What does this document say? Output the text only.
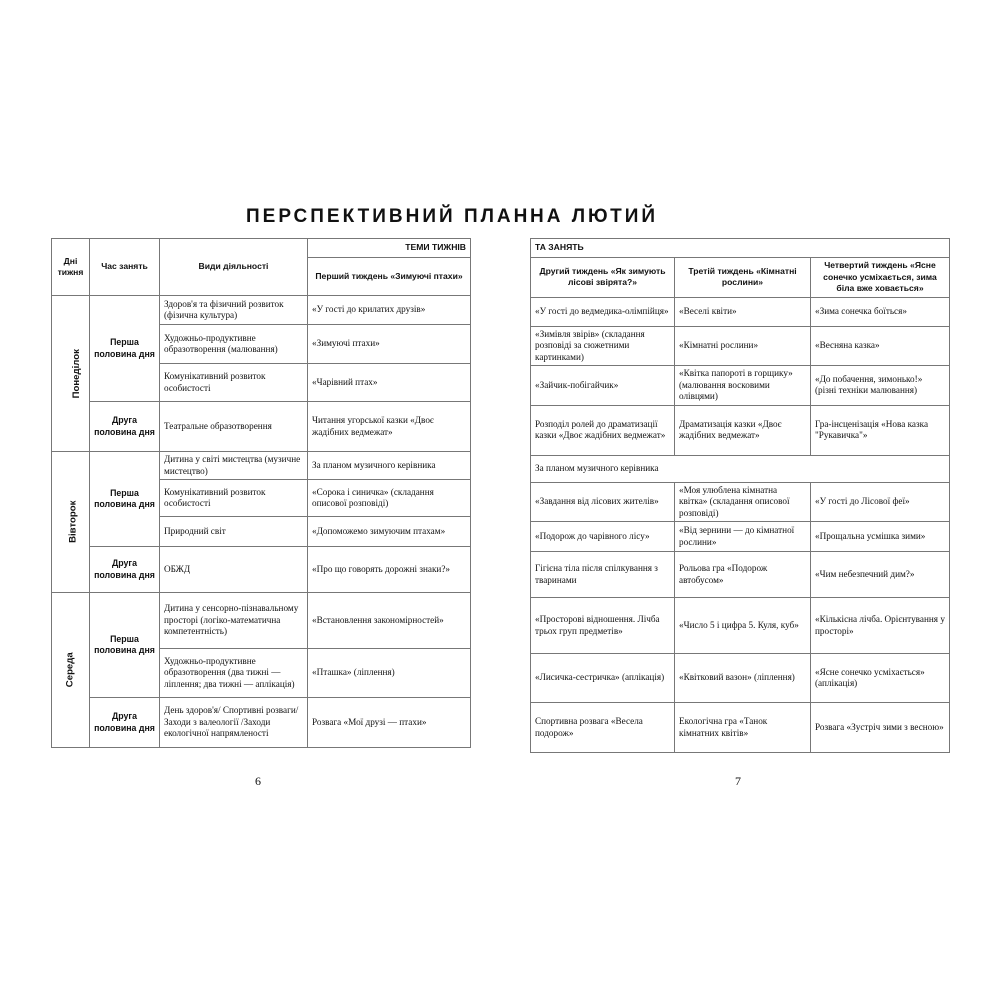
ПЕРСПЕКТИВНИЙ ПЛАН НА ЛЮТИЙ
Дні тижня	Час занять	Види діяльності	ТЕМИ ТИЖНІВ
			Перший тиждень «Зимуючі птахи»
Понеділок	Перша половина дня	Здоров'я та фізичний розвиток (фізична культура)	«У гості до крилатих друзів»
		Художньо-продуктивне образотворення (малювання)	«Зимуючі птахи»
		Комунікативний розвиток особистості	«Чарівний птах»
	Друга половина дня	Театральне образотворення	Читання угорської казки «Двоє жадібних ведмежат»
Вівторок	Перша половина дня	Дитина у світі мистецтва (музичне мистецтво)	За планом музичного керівника
		Комунікативний розвиток особистості	«Сорока і синичка» (складання описової розповіді)
		Природний світ	«Допоможемо зимуючим птахам»
	Друга половина дня	ОБЖД	«Про що говорять дорожні знаки?»
Середа	Перша половина дня	Дитина у сенсорно-пізнавальному просторі (логіко-математична компетентність)	«Встановлення закономірностей»
		Художньо-продуктивне образотворення (два тижні — ліплення; два тижні — аплікація)	«Пташка» (ліплення)
	Друга половина дня	День здоров'я/ Спортивні розваги/ Заходи з валеології /Заходи екологічної напрямленості	Розвага «Мої друзі — птахи»
ТА ЗАНЯТЬ		
Другий тиждень «Як зимують лісові звірята?»	Третій тиждень «Кімнатні рослини»	Четвертий тиждень «Ясне сонечко усміхається, зима біла вже ховається»
«У гості до ведмедика-олімпійця»	«Веселі квіти»	«Зима сонечка боїться»
«Зимівля звірів» (складання розповіді за сюжетними картинками)	«Кімнатні рослини»	«Весняна казка»
«Зайчик-побігайчик»	«Квітка папороті в горщику» (малювання восковими олівцями)	«До побачення, зимонько!» (різні техніки малювання)
Розподіл ролей до драматизації казки «Двоє жадібних ведмежат»	Драматизація казки «Двоє жадібних ведмежат»	Гра-інсценізація «Нова казка "Рукавичка"»
За планом музичного керівника		
«Завдання від лісових жителів»	«Моя улюблена кімнатна квітка» (складання описової розповіді)	«У гості до Лісової феї»
«Подорож до чарівного лісу»	«Від зернини — до кімнатної рослини»	«Прощальна усмішка зими»
Гігієна тіла після спілкування з тваринами	Рольова гра «Подорож автобусом»	«Чим небезпечний дим?»
«Просторові відношення. Лічба трьох груп предметів»	«Число 5 і цифра 5. Куля, куб»	«Кількісна лічба. Орієнтування у просторі»
«Лисичка-сестричка» (аплікація)	«Квітковий вазон» (ліплення)	«Ясне сонечко усміхається» (аплікація)
Спортивна розвага «Весела подорож»	Екологічна гра «Танок кімнатних квітів»	Розвага «Зустріч зими з весною»
6	7
